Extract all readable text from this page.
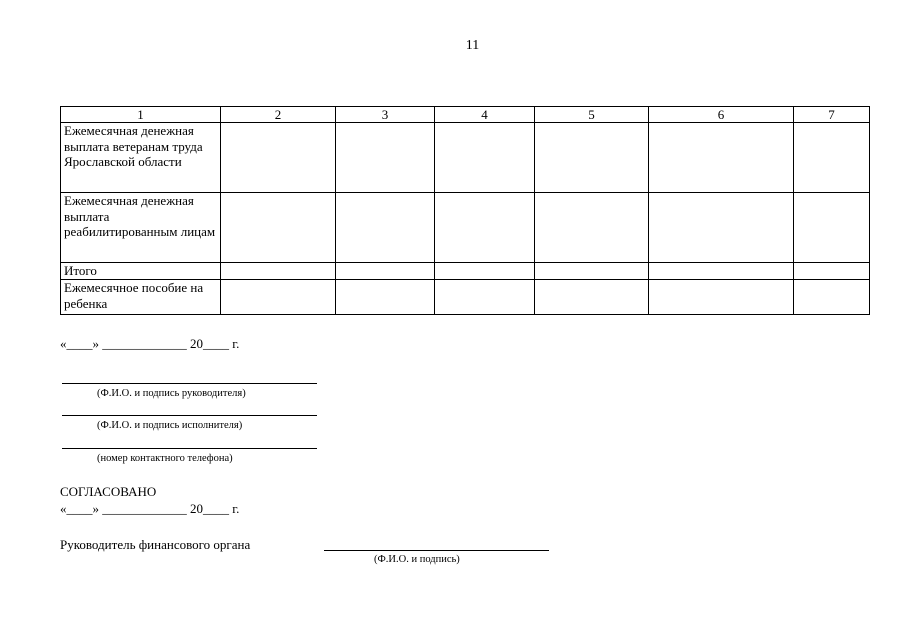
11
1	2	3	4	5	6	7
Ежемесячная денежная выплата ветеранам труда Ярославской области						
Ежемесячная денежная выплата реабилитированным лицам						
Итого						
Ежемесячное пособие на ребенка						
«____» _____________ 20____ г.
(Ф.И.О. и подпись руководителя)
(Ф.И.О. и подпись исполнителя)
(номер контактного телефона)
СОГЛАСОВАНО
«____» _____________ 20____ г.
Руководитель финансового органа
(Ф.И.О. и подпись)
